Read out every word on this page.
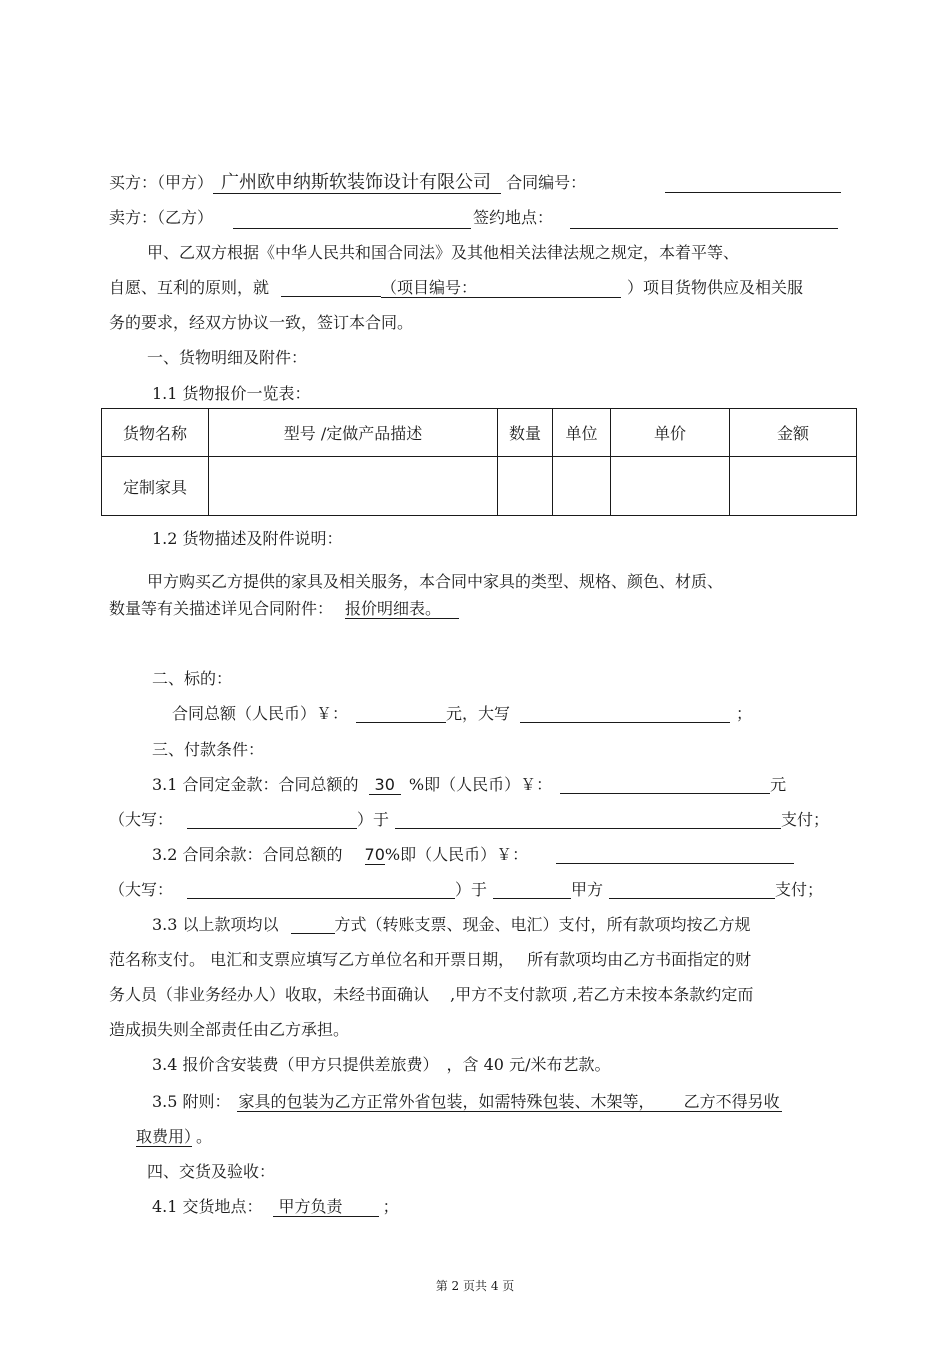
买方：（甲方） 广州欧申纳斯软装饰设计有限公司 合同编号：
卖方：（乙方）	签约地点：
甲、乙双方根据《中华人民共和国合同法》及其他相关法律法规之规定，本着平等、
自愿、互利的原则，就	（项目编号：	）项目货物供应及相关服
务的要求，经双方协议一致，签订本合同。
一、货物明细及附件：
1.1 货物报价一览表：
货物名称	型号 /定做产品描述	数量	单位	单价	金额
定制家具					
1.2 货物描述及附件说明：
甲方购买乙方提供的家具及相关服务，本合同中家具的类型、规格、颜色、材质、
数量等有关描述详见合同附件： 报价明细表。
二、标的：
合同总额（人民币）￥：	元，大写	；
三、付款条件：
3.1 合同定金款：合同总额的 30 %即（人民币）￥：	元
（大写：	）于	支付；
3.2 合同余款：合同总额的 70%即（人民币）￥：
（大写：	）于	甲方	支付；
3.3 以上款项均以	方式（转账支票、现金、电汇）支付，所有款项均按乙方规
范名称支付。 电汇和支票应填写乙方单位名和开票日期，　 所有款项均由乙方书面指定的财
务人员（非业务经办人）收取，未经书面确认　 ,甲方不支付款项 ,若乙方未按本条款约定而
造成损失则全部责任由乙方承担。
3.4 报价含安装费（甲方只提供差旅费）　，含 40 元/米布艺款。
3.5 附则： 家具的包装为乙方正常外省包装，如需特殊包装、木架等，　　 乙方不得另收
取费用） 。
四、交货及验收：
4.1 交货地点： 甲方负责	；
第 2 页共 4 页
